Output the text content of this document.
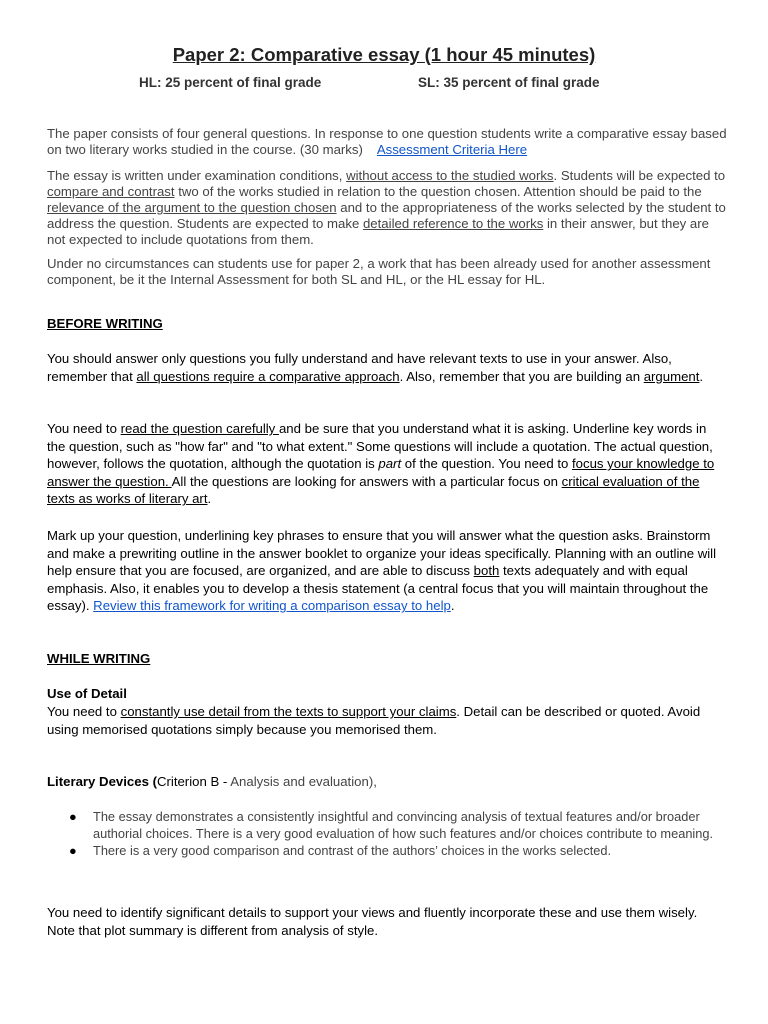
Paper 2: Comparative essay (1 hour 45 minutes)
HL: 25 percent of final grade	SL: 35 percent of final grade

The paper consists of four general questions. In response to one question students write a comparative essay based on two literary works studied in the course. (30 marks) Assessment Criteria Here

The essay is written under examination conditions, without access to the studied works. Students will be expected to compare and contrast two of the works studied in relation to the question chosen. Attention should be paid to the relevance of the argument to the question chosen and to the appropriateness of the works selected by the student to address the question. Students are expected to make detailed reference to the works in their answer, but they are not expected to include quotations from them.

Under no circumstances can students use for paper 2, a work that has been already used for another assessment component, be it the Internal Assessment for both SL and HL, or the HL essay for HL.

BEFORE WRITING

You should answer only questions you fully understand and have relevant texts to use in your answer. Also, remember that all questions require a comparative approach. Also, remember that you are building an argument.

You need to read the question carefully and be sure that you understand what it is asking. Underline key words in the question, such as "how far" and "to what extent." Some questions will include a quotation. The actual question, however, follows the quotation, although the quotation is part of the question. You need to focus your knowledge to answer the question. All the questions are looking for answers with a particular focus on critical evaluation of the texts as works of literary art.

Mark up your question, underlining key phrases to ensure that you will answer what the question asks. Brainstorm and make a prewriting outline in the answer booklet to organize your ideas specifically. Planning with an outline will help ensure that you are focused, are organized, and are able to discuss both texts adequately and with equal emphasis. Also, it enables you to develop a thesis statement (a central focus that you will maintain throughout the essay). Review this framework for writing a comparison essay to help.

WHILE WRITING
Use of Detail

You need to constantly use detail from the texts to support your claims. Detail can be described or quoted. Avoid using memorised quotations simply because you memorised them.

Literary Devices (Criterion B - Analysis and evaluation),

● The essay demonstrates a consistently insightful and convincing analysis of textual features and/or broader authorial choices. There is a very good evaluation of how such features and/or choices contribute to meaning.

● There is a very good comparison and contrast of the authors’ choices in the works selected.

You need to identify significant details to support your views and fluently incorporate these and use them wisely. Note that plot summary is different from analysis of style.
